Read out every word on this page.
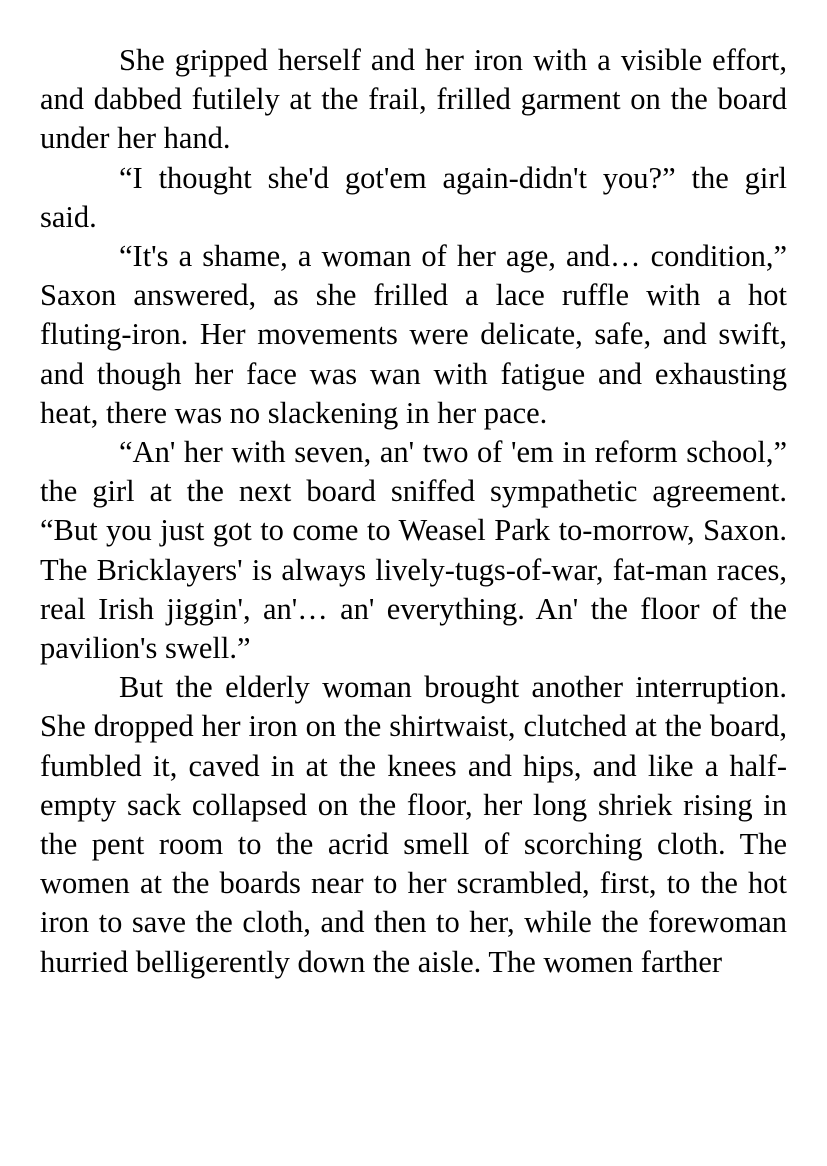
She gripped herself and her iron with a visible effort, and dabbed futilely at the frail, frilled garment on the board under her hand.

“I thought she'd got'em again-didn't you?” the girl said.

“It's a shame, a woman of her age, and… condition,” Saxon answered, as she frilled a lace ruffle with a hot fluting-iron. Her movements were delicate, safe, and swift, and though her face was wan with fatigue and exhausting heat, there was no slackening in her pace.

“An' her with seven, an' two of 'em in reform school,” the girl at the next board sniffed sympathetic agreement. “But you just got to come to Weasel Park to-morrow, Saxon. The Bricklayers' is always lively-tugs-of-war, fat-man races, real Irish jiggin', an'… an' everything. An' the floor of the pavilion's swell.”

But the elderly woman brought another interruption. She dropped her iron on the shirtwaist, clutched at the board, fumbled it, caved in at the knees and hips, and like a half-empty sack collapsed on the floor, her long shriek rising in the pent room to the acrid smell of scorching cloth. The women at the boards near to her scrambled, first, to the hot iron to save the cloth, and then to her, while the forewoman hurried belligerently down the aisle. The women farther
